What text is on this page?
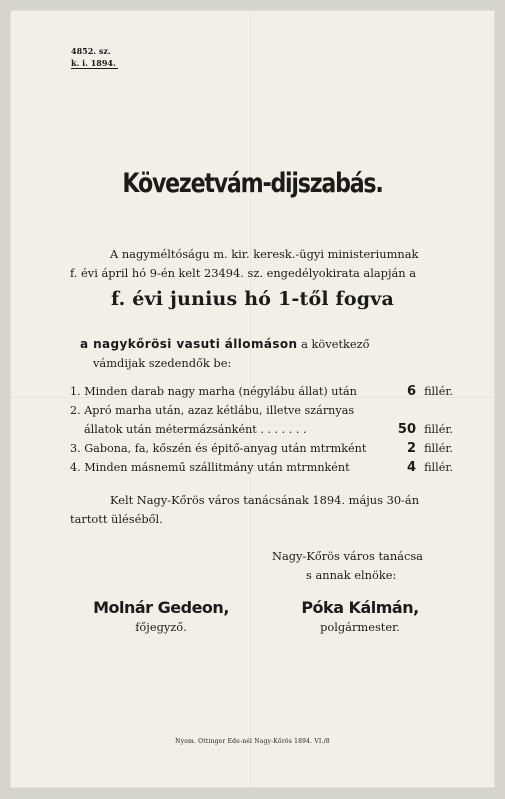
4852. sz.
k. i. 1894.
Kövezetvám-dijszabás.
A nagyméltóságu m. kir. keresk.-ügyi ministeriumnak
f. évi ápril hó 9-én kelt 23494. sz. engedélyokirata alapján a
f. évi junius hó 1-től fogva
a nagykőrösi vasuti állomáson a következő
vámdijak szedendők be:
1. Minden darab nagy marha (négylábu állat) után	6 fillér.
2. Apró marha után, azaz kétlábu, illetve szárnyas
állatok után métermázsánként . . . . . . .	50 fillér.
3. Gabona, fa, kőszén és épitő-anyag után mtrmként	2 fillér.
4. Minden másnemű szállitmány után mtrmnként	4 fillér.
Kelt Nagy-Kőrös város tanácsának 1894. május 30-án
tartott üléséből.
Nagy-Kőrös város tanácsa
s annak elnöke:
Molnár Gedeon,
főjegyző.
Póka Kálmán,
polgármester.
Nyom. Ottinger Ede-nél Nagy-Kőrös 1894. VI./8
